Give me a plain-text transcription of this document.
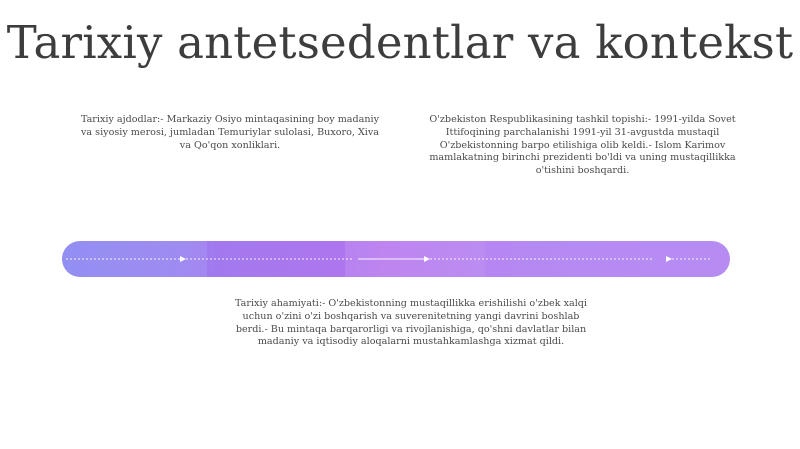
Tarixiy antetsedentlar va kontekst
Tarixiy ajdodlar:- Markaziy Osiyo mintaqasining boy madaniy va siyosiy merosi, jumladan Temuriylar sulolasi, Buxoro, Xiva va Qo'qon xonliklari.
O'zbekiston Respublikasining tashkil topishi:- 1991-yilda Sovet Ittifoqining parchalanishi 1991-yil 31-avgustda mustaqil O'zbekistonning barpo etilishiga olib keldi.- Islom Karimov mamlakatning birinchi prezidenti bo'ldi va uning mustaqillikka o'tishini boshqardi.
Tarixiy ahamiyati:- O'zbekistonning mustaqillikka erishilishi o'zbek xalqi uchun o'zini o'zi boshqarish va suverenitetning yangi davrini boshlab berdi.- Bu mintaqa barqarorligi va rivojlanishiga, qo'shni davlatlar bilan madaniy va iqtisodiy aloqalarni mustahkamlashga xizmat qildi.
